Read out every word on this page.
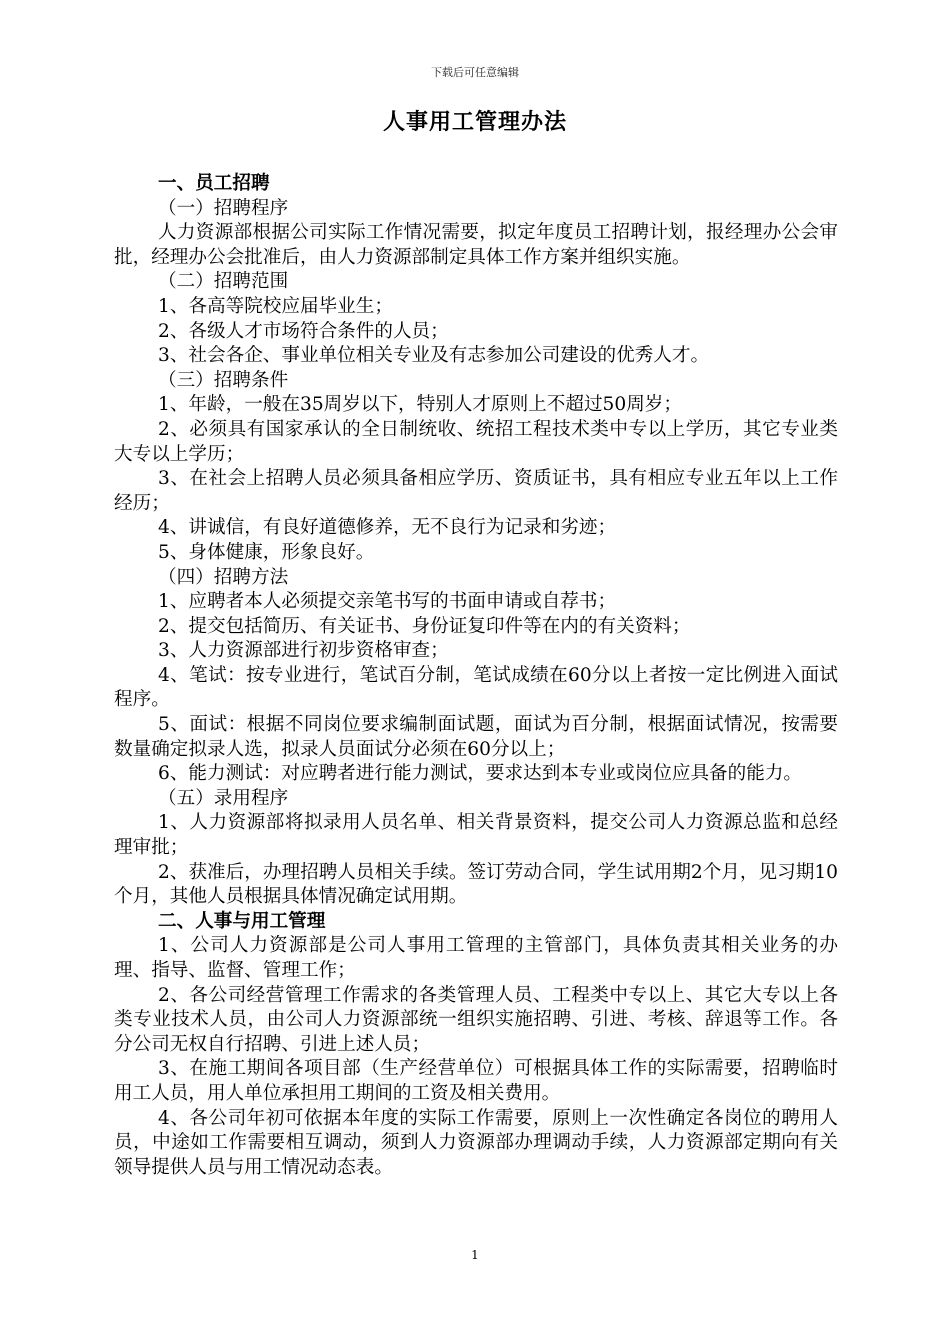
下载后可任意编辑
人事用工管理办法
一、员工招聘
（一）招聘程序

人力资源部根据公司实际工作情况需要，拟定年度员工招聘计划，报经理办公会审批，经理办公会批准后，由人力资源部制定具体工作方案并组织实施。

（二）招聘范围

1、各高等院校应届毕业生；

2、各级人才市场符合条件的人员；

3、社会各企、事业单位相关专业及有志参加公司建设的优秀人才。

（三）招聘条件

1、年龄，一般在35周岁以下，特别人才原则上不超过50周岁；

2、必须具有国家承认的全日制统收、统招工程技术类中专以上学历，其它专业类大专以上学历；

3、在社会上招聘人员必须具备相应学历、资质证书，具有相应专业五年以上工作经历；

4、讲诚信，有良好道德修养，无不良行为记录和劣迹；

5、身体健康，形象良好。

（四）招聘方法

1、应聘者本人必须提交亲笔书写的书面申请或自荐书；

2、提交包括简历、有关证书、身份证复印件等在内的有关资料；

3、人力资源部进行初步资格审查；

4、笔试：按专业进行，笔试百分制，笔试成绩在60分以上者按一定比例进入面试程序。

5、面试：根据不同岗位要求编制面试题，面试为百分制，根据面试情况，按需要数量确定拟录人选，拟录人员面试分必须在60分以上；

6、能力测试：对应聘者进行能力测试，要求达到本专业或岗位应具备的能力。

（五）录用程序

1、人力资源部将拟录用人员名单、相关背景资料，提交公司人力资源总监和总经理审批；

2、获准后，办理招聘人员相关手续。签订劳动合同，学生试用期2个月，见习期10个月，其他人员根据具体情况确定试用期。

二、人事与用工管理

1、公司人力资源部是公司人事用工管理的主管部门，具体负责其相关业务的办理、指导、监督、管理工作；

2、各公司经营管理工作需求的各类管理人员、工程类中专以上、其它大专以上各类专业技术人员，由公司人力资源部统一组织实施招聘、引进、考核、辞退等工作。各分公司无权自行招聘、引进上述人员；

3、在施工期间各项目部（生产经营单位）可根据具体工作的实际需要，招聘临时用工人员，用人单位承担用工期间的工资及相关费用。

4、各公司年初可依据本年度的实际工作需要，原则上一次性确定各岗位的聘用人员，中途如工作需要相互调动，须到人力资源部办理调动手续，人力资源部定期向有关领导提供人员与用工情况动态表。

1
